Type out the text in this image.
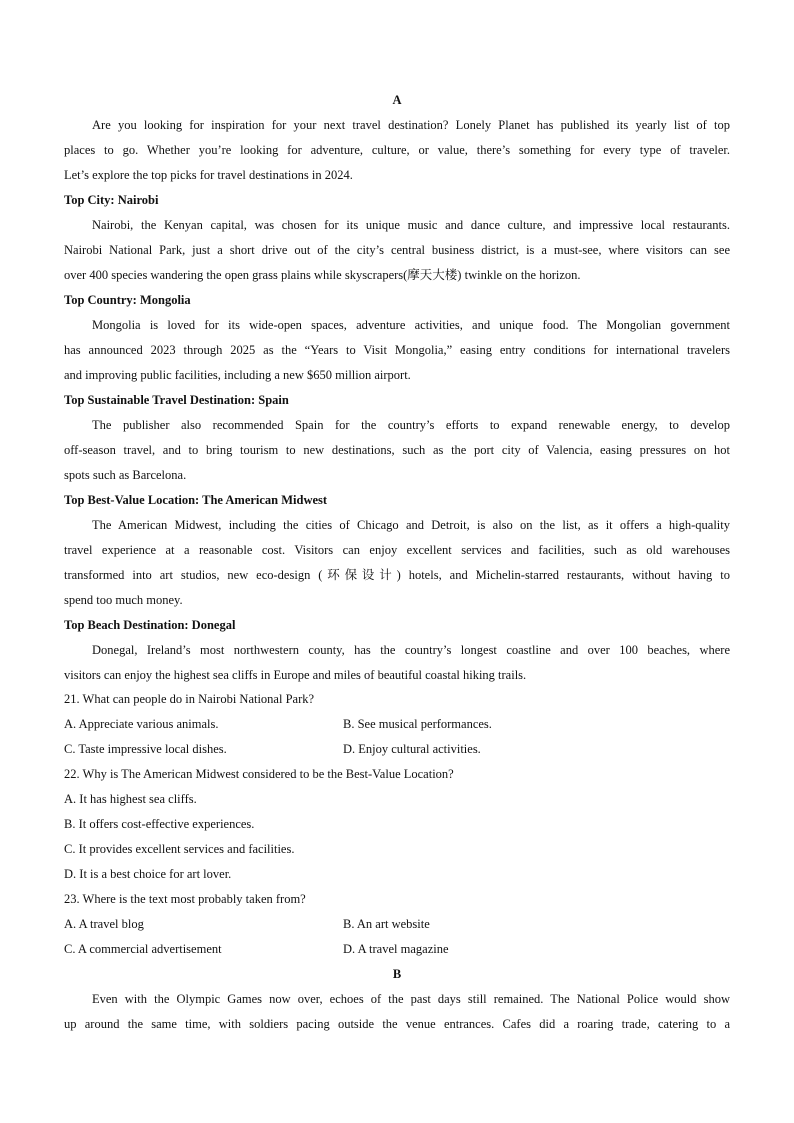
A
Are you looking for inspiration for your next travel destination? Lonely Planet has published its yearly list of top
places to go. Whether you’re looking for adventure, culture, or value, there’s something for every type of traveler.
Let’s explore the top picks for travel destinations in 2024.
Top City: Nairobi
Nairobi, the Kenyan capital, was chosen for its unique music and dance culture, and impressive local restaurants.
Nairobi National Park, just a short drive out of the city’s central business district, is a must-see, where visitors can see
over 400 species wandering the open grass plains while skyscrapers(摩天大楼) twinkle on the horizon.
Top Country: Mongolia
Mongolia is loved for its wide-open spaces, adventure activities, and unique food. The Mongolian government
has announced 2023 through 2025 as the “Years to Visit Mongolia,” easing entry conditions for international travelers
and improving public facilities, including a new $650 million airport.
Top Sustainable Travel Destination: Spain
The publisher also recommended Spain for the country’s efforts to expand renewable energy, to develop
off-season travel, and to bring tourism to new destinations, such as the port city of Valencia, easing pressures on hot
spots such as Barcelona.
Top Best-Value Location: The American Midwest
The American Midwest, including the cities of Chicago and Detroit, is also on the list, as it offers a high-quality
travel experience at a reasonable cost. Visitors can enjoy excellent services and facilities, such as old warehouses
transformed into art studios, new eco-design (环保设计) hotels, and Michelin-starred restaurants, without having to
spend too much money.
Top Beach Destination: Donegal
Donegal, Ireland’s most northwestern county, has the country’s longest coastline and over 100 beaches, where
visitors can enjoy the highest sea cliffs in Europe and miles of beautiful coastal hiking trails.
21. What can people do in Nairobi National Park?
A. Appreciate various animals.	B. See musical performances.
C. Taste impressive local dishes.	D. Enjoy cultural activities.
22. Why is The American Midwest considered to be the Best-Value Location?
A. It has highest sea cliffs.
B. It offers cost-effective experiences.
C. It provides excellent services and facilities.
D. It is a best choice for art lover.
23. Where is the text most probably taken from?
A. A travel blog	B. An art website
C. A commercial advertisement	D. A travel magazine
B
Even with the Olympic Games now over, echoes of the past days still remained. The National Police would show
up around the same time, with soldiers pacing outside the venue entrances. Cafes did a roaring trade, catering to a
